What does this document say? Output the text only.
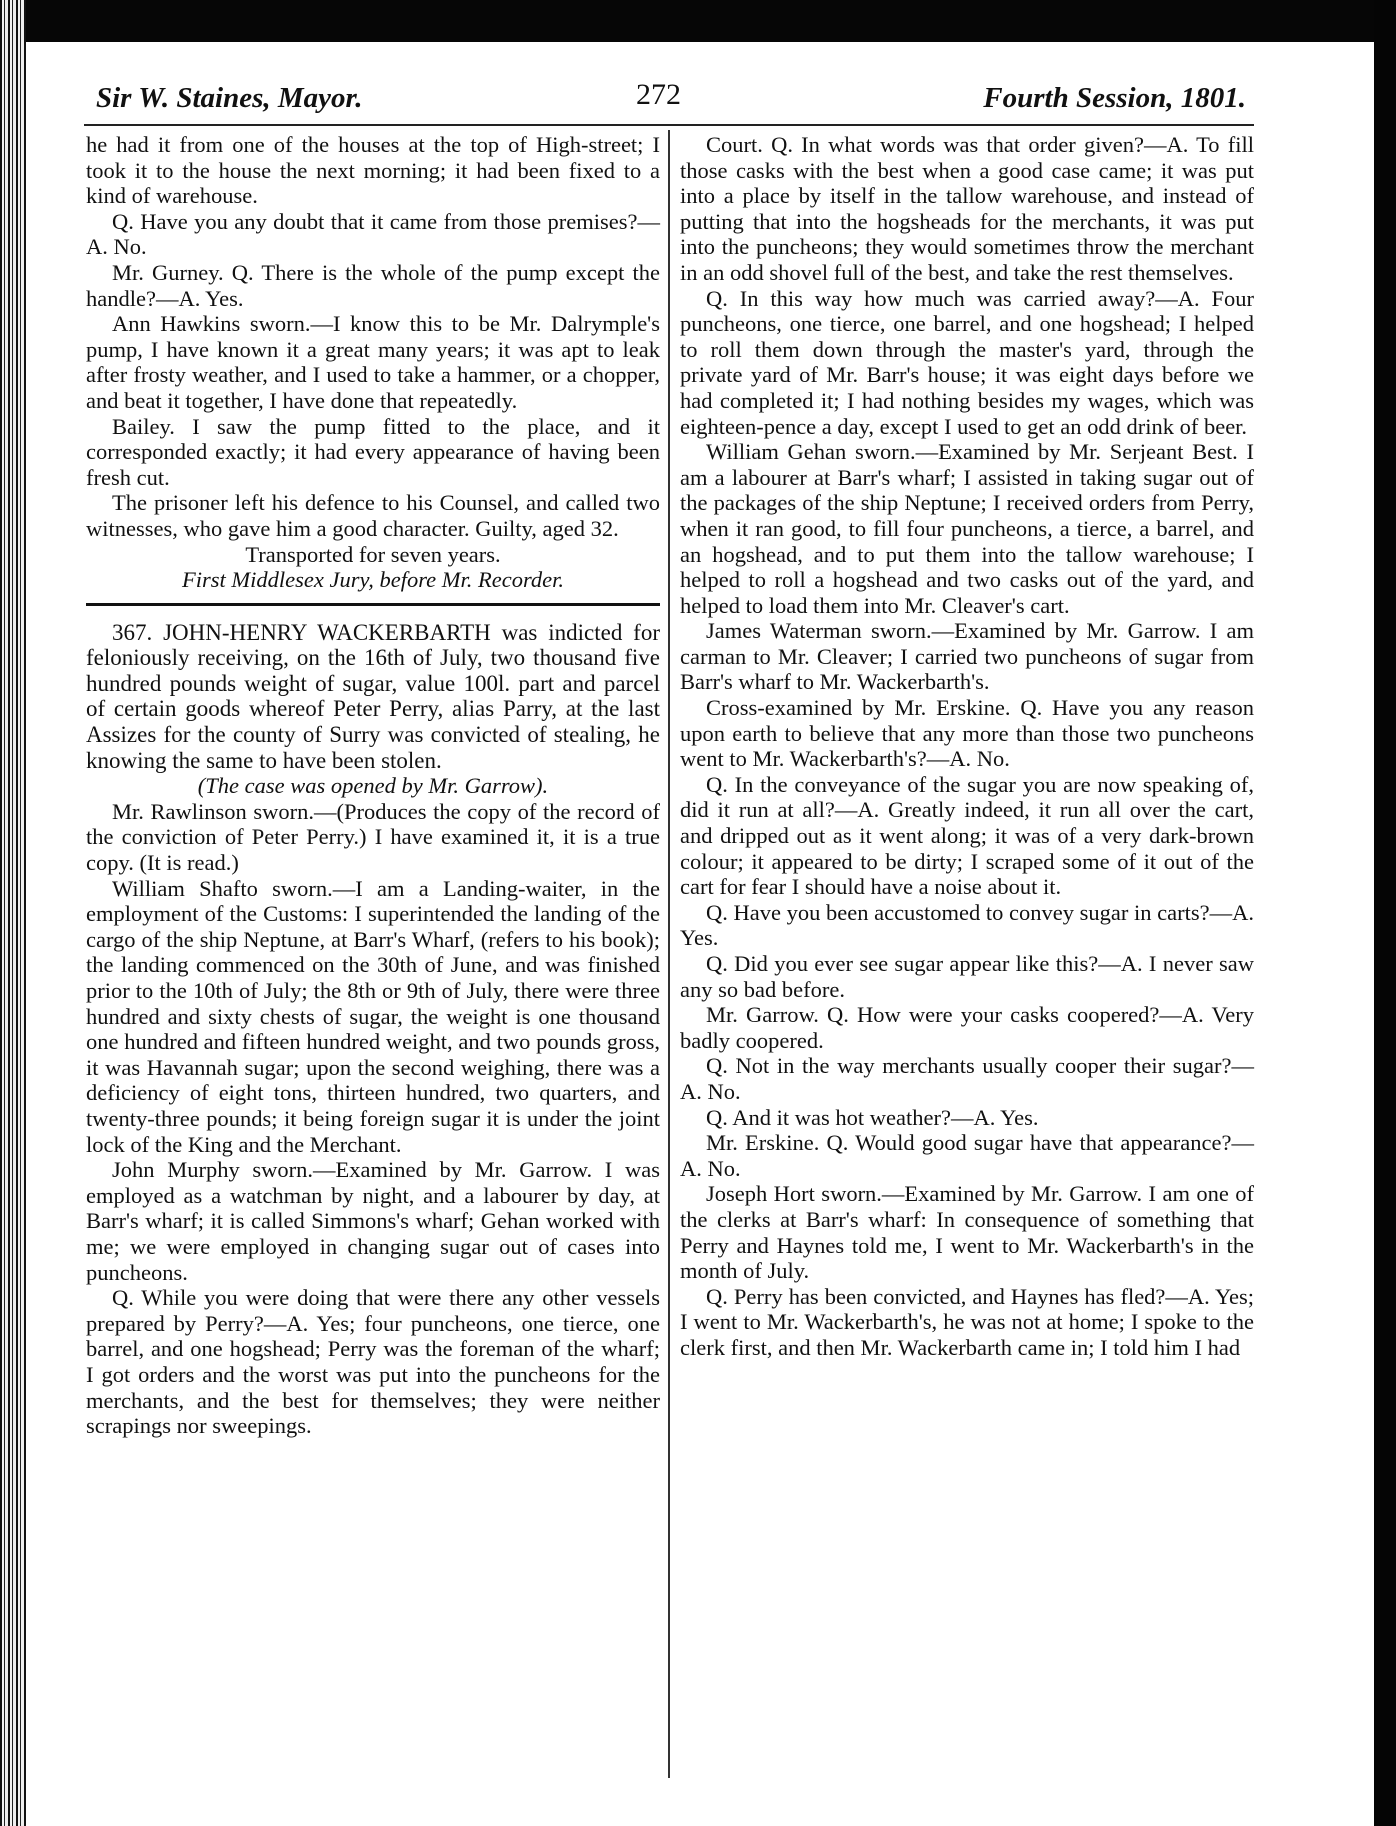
Sir W. Staines, Mayor.	272	Fourth Session, 1801.

he had it from one of the houses at the top of High-street; I took it to the house the next morning; it had been fixed to a kind of warehouse.

Q. Have you any doubt that it came from those premises?—A. No.

Mr. Gurney. Q. There is the whole of the pump except the handle?—A. Yes.

Ann Hawkins sworn.—I know this to be Mr. Dalrymple's pump, I have known it a great many years; it was apt to leak after frosty weather, and I used to take a hammer, or a chopper, and beat it together, I have done that repeatedly.

Bailey. I saw the pump fitted to the place, and it corresponded exactly; it had every appearance of having been fresh cut.

The prisoner left his defence to his Counsel, and called two witnesses, who gave him a good character. Guilty, aged 32.

Transported for seven years.

First Middlesex Jury, before Mr. Recorder.

367. JOHN-HENRY WACKERBARTH was indicted for feloniously receiving, on the 16th of July, two thousand five hundred pounds weight of sugar, value 100l. part and parcel of certain goods whereof Peter Perry, alias Parry, at the last Assizes for the county of Surry was convicted of stealing, he knowing the same to have been stolen.

(The case was opened by Mr. Garrow).

Mr. Rawlinson sworn.—(Produces the copy of the record of the conviction of Peter Perry.) I have examined it, it is a true copy. (It is read.)

William Shafto sworn.—I am a Landing-waiter, in the employment of the Customs: I superintended the landing of the cargo of the ship Neptune, at Barr's Wharf, (refers to his book); the landing commenced on the 30th of June, and was finished prior to the 10th of July; the 8th or 9th of July, there were three hundred and sixty chests of sugar, the weight is one thousand one hundred and fifteen hundred weight, and two pounds gross, it was Havannah sugar; upon the second weighing, there was a deficiency of eight tons, thirteen hundred, two quarters, and twenty-three pounds; it being foreign sugar it is under the joint lock of the King and the Merchant.

John Murphy sworn.—Examined by Mr. Garrow. I was employed as a watchman by night, and a labourer by day, at Barr's wharf; it is called Simmons's wharf; Gehan worked with me; we were employed in changing sugar out of cases into puncheons.

Q. While you were doing that were there any other vessels prepared by Perry?—A. Yes; four puncheons, one tierce, one barrel, and one hogshead; Perry was the foreman of the wharf; I got orders and the worst was put into the puncheons for the merchants, and the best for themselves; they were neither scrapings nor sweepings.

Court. Q. In what words was that order given?—A. To fill those casks with the best when a good case came; it was put into a place by itself in the tallow warehouse, and instead of putting that into the hogsheads for the merchants, it was put into the puncheons; they would sometimes throw the merchant in an odd shovel full of the best, and take the rest themselves.

Q. In this way how much was carried away?—A. Four puncheons, one tierce, one barrel, and one hogshead; I helped to roll them down through the master's yard, through the private yard of Mr. Barr's house; it was eight days before we had completed it; I had nothing besides my wages, which was eighteen-pence a day, except I used to get an odd drink of beer.

William Gehan sworn.—Examined by Mr. Serjeant Best. I am a labourer at Barr's wharf; I assisted in taking sugar out of the packages of the ship Neptune; I received orders from Perry, when it ran good, to fill four puncheons, a tierce, a barrel, and an hogshead, and to put them into the tallow warehouse; I helped to roll a hogshead and two casks out of the yard, and helped to load them into Mr. Cleaver's cart.

James Waterman sworn.—Examined by Mr. Garrow. I am carman to Mr. Cleaver; I carried two puncheons of sugar from Barr's wharf to Mr. Wackerbarth's.

Cross-examined by Mr. Erskine. Q. Have you any reason upon earth to believe that any more than those two puncheons went to Mr. Wackerbarth's?—A. No.

Q. In the conveyance of the sugar you are now speaking of, did it run at all?—A. Greatly indeed, it run all over the cart, and dripped out as it went along; it was of a very dark-brown colour; it appeared to be dirty; I scraped some of it out of the cart for fear I should have a noise about it.

Q. Have you been accustomed to convey sugar in carts?—A. Yes.

Q. Did you ever see sugar appear like this?—A. I never saw any so bad before.

Mr. Garrow. Q. How were your casks coopered?—A. Very badly coopered.

Q. Not in the way merchants usually cooper their sugar?—A. No.

Q. And it was hot weather?—A. Yes.

Mr. Erskine. Q. Would good sugar have that appearance?—A. No.

Joseph Hort sworn.—Examined by Mr. Garrow. I am one of the clerks at Barr's wharf: In consequence of something that Perry and Haynes told me, I went to Mr. Wackerbarth's in the month of July.

Q. Perry has been convicted, and Haynes has fled?—A. Yes; I went to Mr. Wackerbarth's, he was not at home; I spoke to the clerk first, and then Mr. Wackerbarth came in; I told him I had
